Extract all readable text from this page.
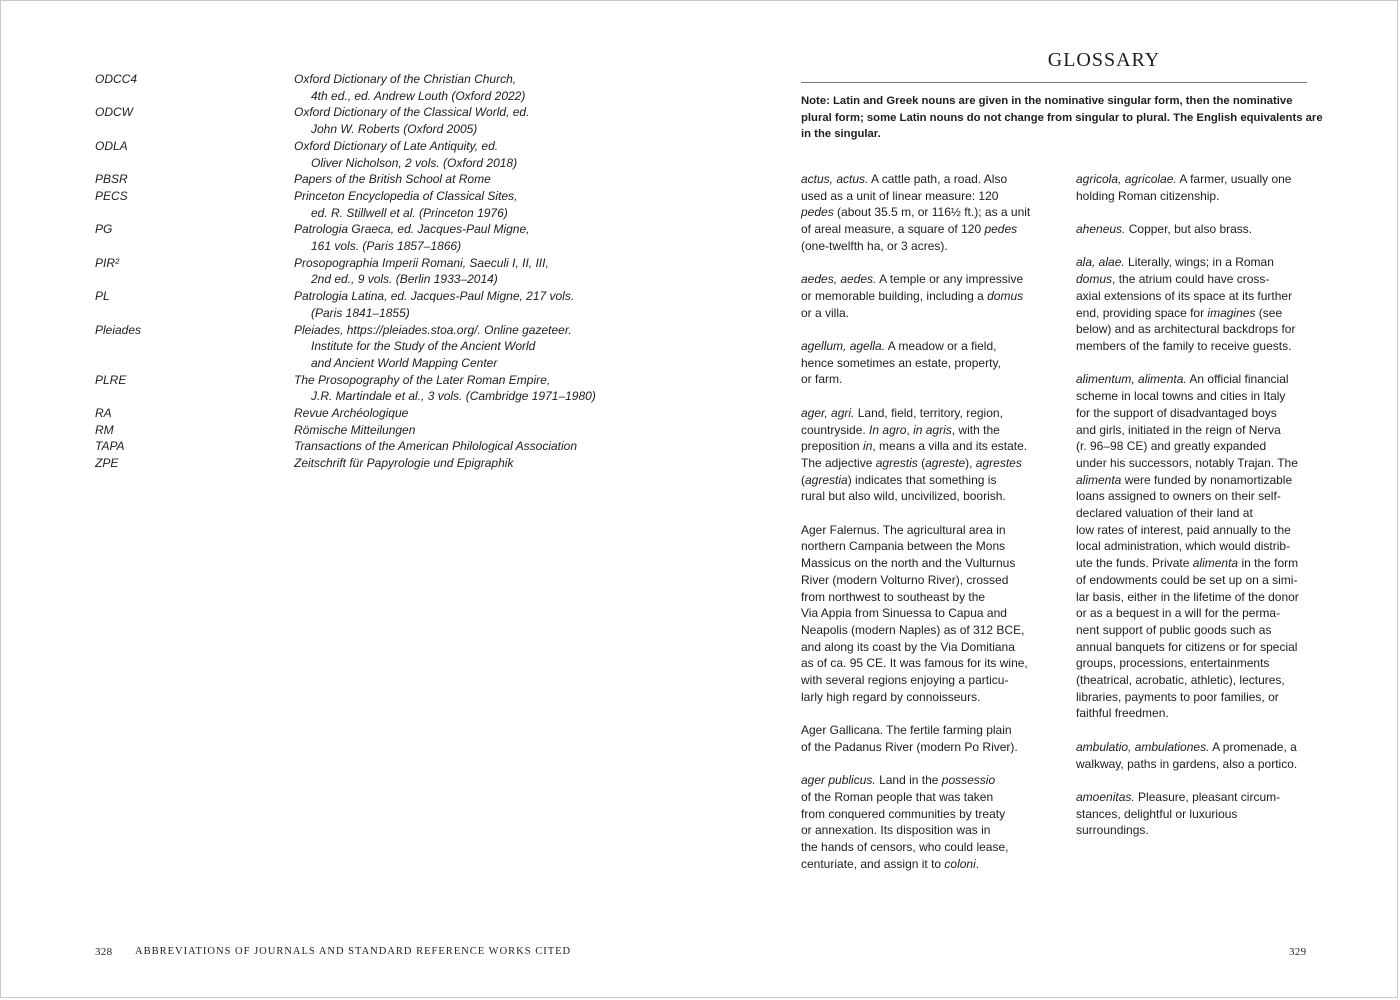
ODCC4	Oxford Dictionary of the Christian Church,
4th ed., ed. Andrew Louth (Oxford 2022)
ODCW	Oxford Dictionary of the Classical World, ed.
John W. Roberts (Oxford 2005)
ODLA	Oxford Dictionary of Late Antiquity, ed.
Oliver Nicholson, 2 vols. (Oxford 2018)
PBSR	Papers of the British School at Rome
PECS	Princeton Encyclopedia of Classical Sites,
ed. R. Stillwell et al. (Princeton 1976)
PG	Patrologia Graeca, ed. Jacques-Paul Migne,
161 vols. (Paris 1857–1866)
PIR²	Prosopographia Imperii Romani, Saeculi I, II, III,
2nd ed., 9 vols. (Berlin 1933–2014)
PL	Patrologia Latina, ed. Jacques-Paul Migne, 217 vols.
(Paris 1841–1855)
Pleiades	Pleiades, https://pleiades.stoa.org/. Online gazeteer.
Institute for the Study of the Ancient World
and Ancient World Mapping Center
PLRE	The Prosopography of the Later Roman Empire,
J.R. Martindale et al., 3 vols. (Cambridge 1971–1980)
RA	Revue Archéologique
RM	Römische Mitteilungen
TAPA	Transactions of the American Philological Association
ZPE	Zeitschrift für Papyrologie und Epigraphik
328 ABBREVIATIONS OF JOURNALS AND STANDARD REFERENCE WORKS CITED
GLOSSARY

Note: Latin and Greek nouns are given in the nominative singular form, then the nominative
plural form; some Latin nouns do not change from singular to plural. The English equivalents are
in the singular.

actus, actus. A cattle path, a road. Also
used as a unit of linear measure: 120
pedes (about 35.5 m, or 116½ ft.); as a unit
of areal measure, a square of 120 pedes
(one-twelfth ha, or 3 acres).
aedes, aedes. A temple or any impressive
or memorable building, including a domus
or a villa.
agellum, agella. A meadow or a field,
hence sometimes an estate, property,
or farm.
ager, agri. Land, field, territory, region,
countryside. In agro, in agris, with the
preposition in, means a villa and its estate.
The adjective agrestis (agreste), agrestes
(agrestia) indicates that something is
rural but also wild, uncivilized, boorish.
Ager Falernus. The agricultural area in
northern Campania between the Mons
Massicus on the north and the Vulturnus
River (modern Volturno River), crossed
from northwest to southeast by the
Via Appia from Sinuessa to Capua and
Neapolis (modern Naples) as of 312 BCE,
and along its coast by the Via Domitiana
as of ca. 95 CE. It was famous for its wine,
with several regions enjoying a particu-
larly high regard by connoisseurs.
Ager Gallicana. The fertile farming plain
of the Padanus River (modern Po River).
ager publicus. Land in the possessio
of the Roman people that was taken
from conquered communities by treaty
or annexation. Its disposition was in
the hands of censors, who could lease,
centuriate, and assign it to coloni.
agricola, agricolae. A farmer, usually one
holding Roman citizenship.
aheneus. Copper, but also brass.
ala, alae. Literally, wings; in a Roman
domus, the atrium could have cross-
axial extensions of its space at its further
end, providing space for imagines (see
below) and as architectural backdrops for
members of the family to receive guests.
alimentum, alimenta. An official financial
scheme in local towns and cities in Italy
for the support of disadvantaged boys
and girls, initiated in the reign of Nerva
(r. 96–98 CE) and greatly expanded
under his successors, notably Trajan. The
alimenta were funded by nonamortizable
loans assigned to owners on their self-
declared valuation of their land at
low rates of interest, paid annually to the
local administration, which would distrib-
ute the funds. Private alimenta in the form
of endowments could be set up on a simi-
lar basis, either in the lifetime of the donor
or as a bequest in a will for the perma-
nent support of public goods such as
annual banquets for citizens or for special
groups, processions, entertainments
(theatrical, acrobatic, athletic), lectures,
libraries, payments to poor families, or
faithful freedmen.
ambulatio, ambulationes. A promenade, a
walkway, paths in gardens, also a portico.
amoenitas. Pleasure, pleasant circum-
stances, delightful or luxurious
surroundings.
329
